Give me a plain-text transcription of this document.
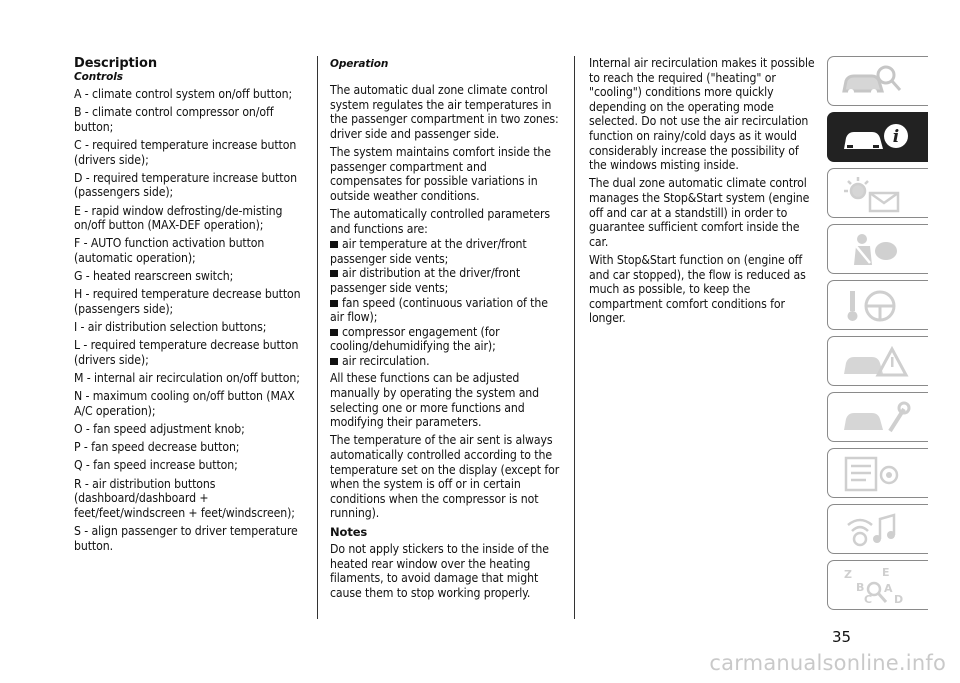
Description
Controls

A - climate control system on/off button;

B - climate control compressor on/off button;

C - required temperature increase button (drivers side);

D - required temperature increase button (passengers side);

E - rapid window defrosting/de-misting on/off button (MAX-DEF operation);

F - AUTO function activation button (automatic operation);

G - heated rearscreen switch;

H - required temperature decrease button (passengers side);

I - air distribution selection buttons;

L - required temperature decrease button (drivers side);

M - internal air recirculation on/off button;

N - maximum cooling on/off button (MAX A/C operation);

O - fan speed adjustment knob;

P - fan speed decrease button;

Q - fan speed increase button;

R - air distribution buttons (dashboard/dashboard + feet/feet/windscreen + feet/windscreen);

S - align passenger to driver temperature button.

Operation

The automatic dual zone climate control system regulates the air temperatures in the passenger compartment in two zones: driver side and passenger side.

The system maintains comfort inside the passenger compartment and compensates for possible variations in outside weather conditions.

The automatically controlled parameters and functions are:

air temperature at the driver/front passenger side vents;

air distribution at the driver/front passenger side vents;

fan speed (continuous variation of the air flow);

compressor engagement (for cooling/dehumidifying the air);

air recirculation.

All these functions can be adjusted manually by operating the system and selecting one or more functions and modifying their parameters.

The temperature of the air sent is always automatically controlled according to the temperature set on the display (except for when the system is off or in certain conditions when the compressor is not running).

Notes

Do not apply stickers to the inside of the heated rear window over the heating filaments, to avoid damage that might cause them to stop working properly.

Internal air recirculation makes it possible to reach the required ("heating" or "cooling") conditions more quickly depending on the operating mode selected. Do not use the air recirculation function on rainy/cold days as it would considerably increase the possibility of the windows misting inside.

The dual zone automatic climate control manages the Stop&Start system (engine off and car at a standstill) in order to guarantee sufficient comfort inside the car.

With Stop&Start function on (engine off and car stopped), the flow is reduced as much as possible, to keep the compartment comfort conditions for longer.

i
Z	E
B A
C D
35
carmanualsonline.info
